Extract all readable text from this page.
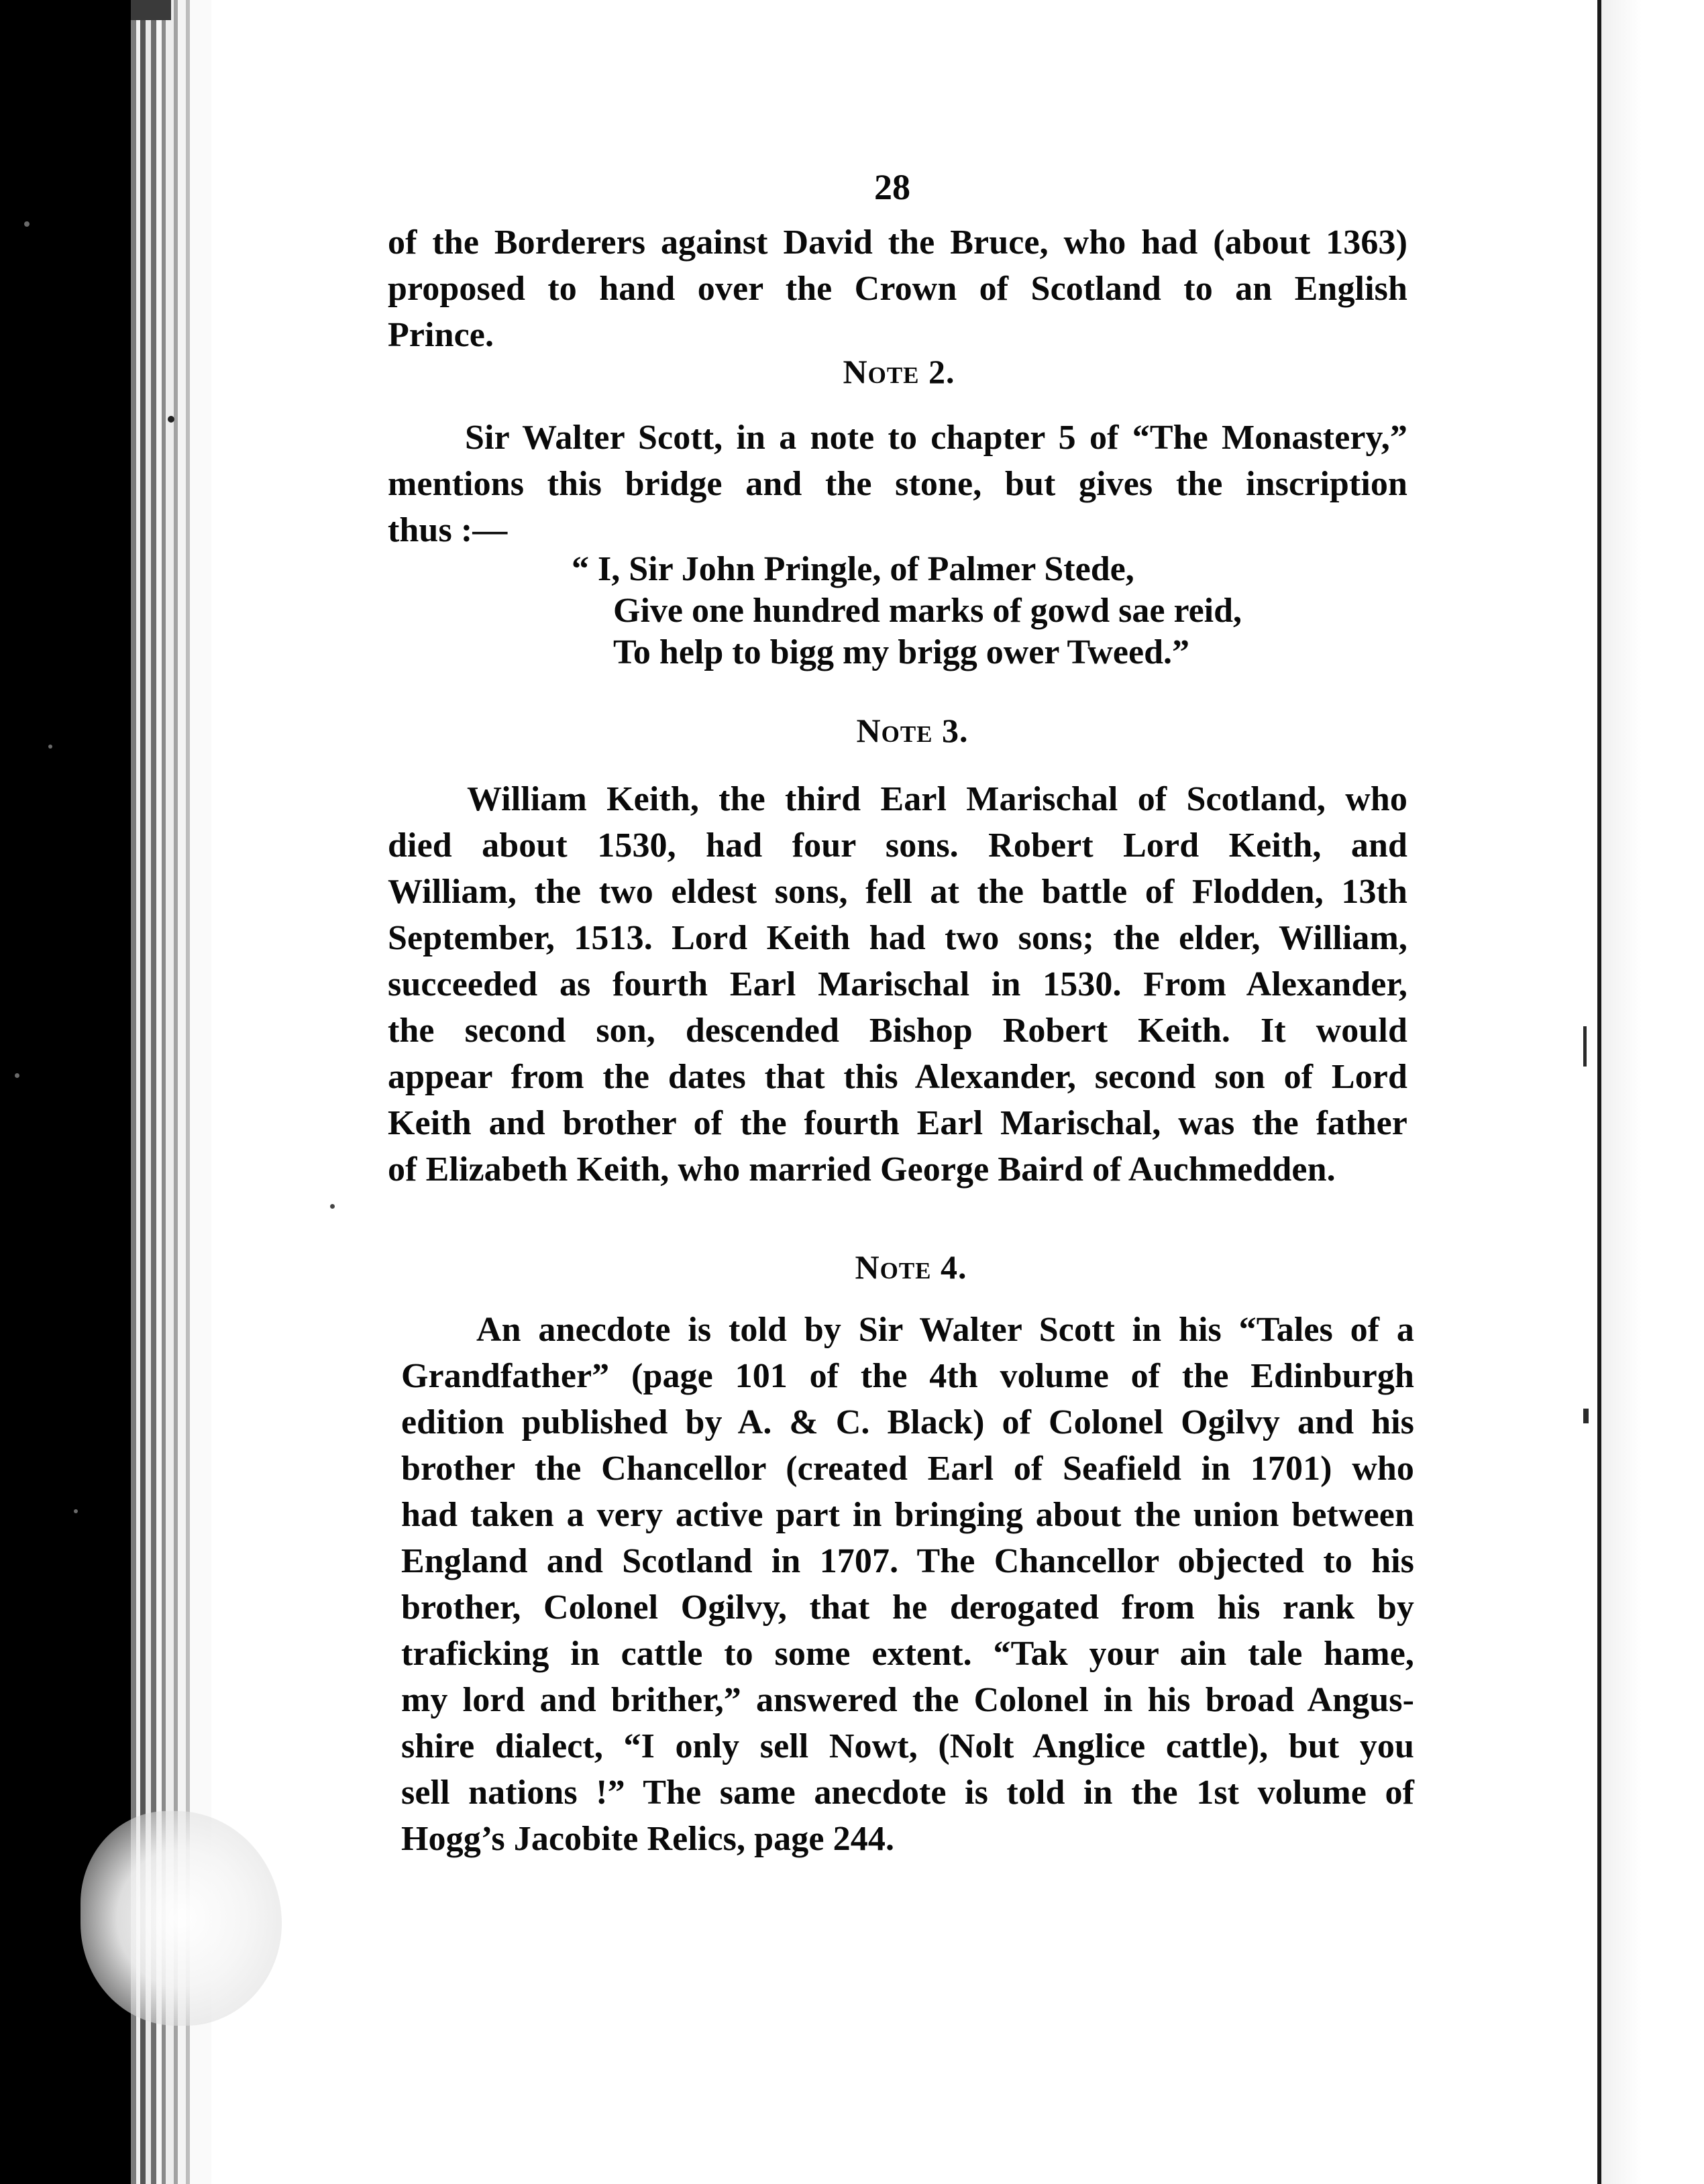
28
of the Borderers against David the Bruce, who had (about 1363)
proposed to hand over the Crown of Scotland to an English
Prince.
Note 2.
Sir Walter Scott, in a note to chapter 5 of “The Monastery,”
mentions this bridge and the stone, but gives the inscription
thus :—
“ I, Sir John Pringle, of Palmer Stede,
Give one hundred marks of gowd sae reid,
To help to bigg my brigg ower Tweed.”
Note 3.
William Keith, the third Earl Marischal of Scotland, who
died about 1530, had four sons. Robert Lord Keith, and
William, the two eldest sons, fell at the battle of Flodden, 13th
September, 1513. Lord Keith had two sons; the elder, William,
succeeded as fourth Earl Marischal in 1530. From Alexander,
the second son, descended Bishop Robert Keith. It would
appear from the dates that this Alexander, second son of Lord
Keith and brother of the fourth Earl Marischal, was the father
of Elizabeth Keith, who married George Baird of Auchmedden.
Note 4.
An anecdote is told by Sir Walter Scott in his “Tales of a
Grandfather” (page 101 of the 4th volume of the Edinburgh
edition published by A. & C. Black) of Colonel Ogilvy and his
brother the Chancellor (created Earl of Seafield in 1701) who
had taken a very active part in bringing about the union between
England and Scotland in 1707. The Chancellor objected to his
brother, Colonel Ogilvy, that he derogated from his rank by
traficking in cattle to some extent. “Tak your ain tale hame,
my lord and brither,” answered the Colonel in his broad Angus-
shire dialect, “I only sell Nowt, (Nolt Anglice cattle), but you
sell nations !” The same anecdote is told in the 1st volume of
Hogg’s Jacobite Relics, page 244.
